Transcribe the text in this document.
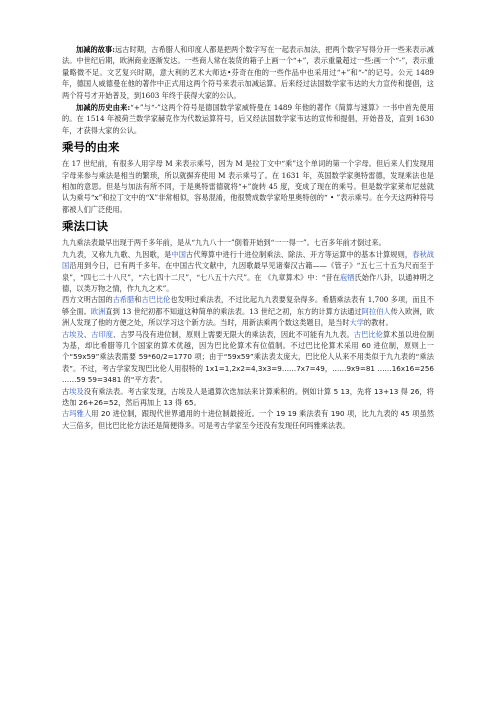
加减的故事:远古时期，古希腊人和印度人都是把两个数字写在一起表示加法，把两个数字写得分开一些来表示减法。中世纪后期，欧洲商业逐渐发达。一些商人常在装货的箱子上画一个“+”，表示重量超过一些;画一个“-”，表示重量略微不足。文艺复兴时期，意大利的艺术大师达•芬奇在他的一些作品中也采用过“+”和“-”的记号。公元 1489 年，德国人威德曼在他的著作中正式用这两个符号来表示加减运算。后来经过法国数学家韦达的大力宣传和提倡，这两个符号才开始普及，到1603 年终于获得大家的公认。

加减的历史由来:“+”与“-”这两个符号是德国数学家威特曼在 1489 年他的著作《简算与速算》一书中首先使用的。在 1514 年被荷兰数学家赫克作为代数运算符号，后又经法国数学家韦达的宣传和提倡，开始普及，直到 1630 年，才获得大家的公认。

乘号的由来

在 17 世纪前，有很多人用字母 M 来表示乘号，因为 M 是拉丁文中“乘”这个单词的第一个字母。但后来人们发现用字母来参与乘法是相当的繁琐，所以就摒弃使用 M 表示乘号了。在 1631 年，英国数学家奥特雷德，发现乘法也是相加的意思。但是与加法有所不同，于是奥特雷德就将“+”旋转 45 度，变成了现在的乘号。但是数学家莱布尼兹就认为乘号“x”和拉丁文中的“X”非常相似，容易混淆，他很赞成数学家哈里奥特创的“ • ”表示乘号。在今天这两种符号都被人们广泛使用。

乘法口诀

九九乘法表最早出现于两千多年前，是从“九九八十一”倒着开始到“一一得一”。七百多年前才倒过来。

九九表，又称九九歌、九因歌，是中国古代筹算中进行十进位制乘法、除法、开方等运算中的基本计算规则，春秋战国沿用到今日，已有两千多年。在中国古代文献中，九因歌最早见诸秦汉古籍——《管子》“五七三十五为尺而至于泉”，“四七二十八尺”，“六七四十二尺”，“七八五十六尺”。在 《九章算术》中：“昔在庖牺氏始作八卦，以通神明之德，以类万物之情，作九九之术”。

西方文明古国的古希腊和古巴比伦也发明过乘法表，不过比起九九表要复杂得多。希腊乘法表有 1,700 多项，而且不够全面。欧洲直到 13 世纪初都不知道这种简单的乘法表。13 世纪之初，东方的计算方法通过阿拉伯人传入欧洲，欧洲人发现了他的方便之处，所以学习这个新方法。当时，用新法乘两个数这类题目，是当时大学的教材。

古埃及、古印度、古罗马没有进位制，原则上需要无限大的乘法表，因此不可能有九九表。古巴比伦算术虽以进位制为基，却比希腊等几个国家的算术优越，因为巴比伦算术有位值制。不过巴比伦算术采用 60 进位制，原则上一个“59x59”乘法表需要 59*60/2=1770 项；由于“59x59”乘法表太庞大，巴比伦人从来不用类似于九九表的“乘法表”。不过，考古学家发现巴比伦人用很特的 1x1=1,2x2=4,3x3=9……7x7=49，……9x9=81 ……16x16=256 ……59 59=3481 的“平方表”。

古埃及没有乘法表。考古家发现，古埃及人是通算次迭加法来计算乘积的。例如计算 5 13，先将 13+13 得 26，将迭加 26+26=52，然后再加上 13 得 65。

古玛雅人用 20 进位制，跟现代世界通用的十进位制最接近。一个 19 19 乘法表有 190 项，比九九表的 45 项虽然大三倍多，但比巴比伦方法还是简便得多。可是考古学家至今还没有发现任何玛雅乘法表。
